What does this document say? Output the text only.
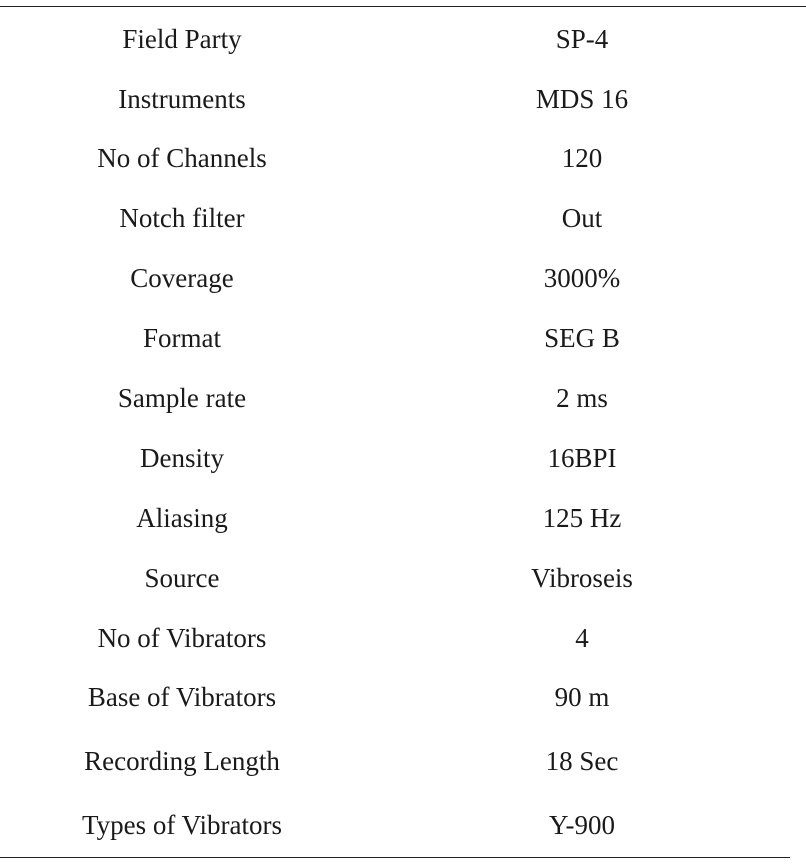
Field Party	SP-4
Instruments	MDS 16
No of Channels	120
Notch filter	Out
Coverage	3000%
Format	SEG B
Sample rate	2 ms
Density	16BPI
Aliasing	125 Hz
Source	Vibroseis
No of Vibrators	4
Base of Vibrators	90 m
Recording Length	18 Sec
Types of Vibrators	Y-900
